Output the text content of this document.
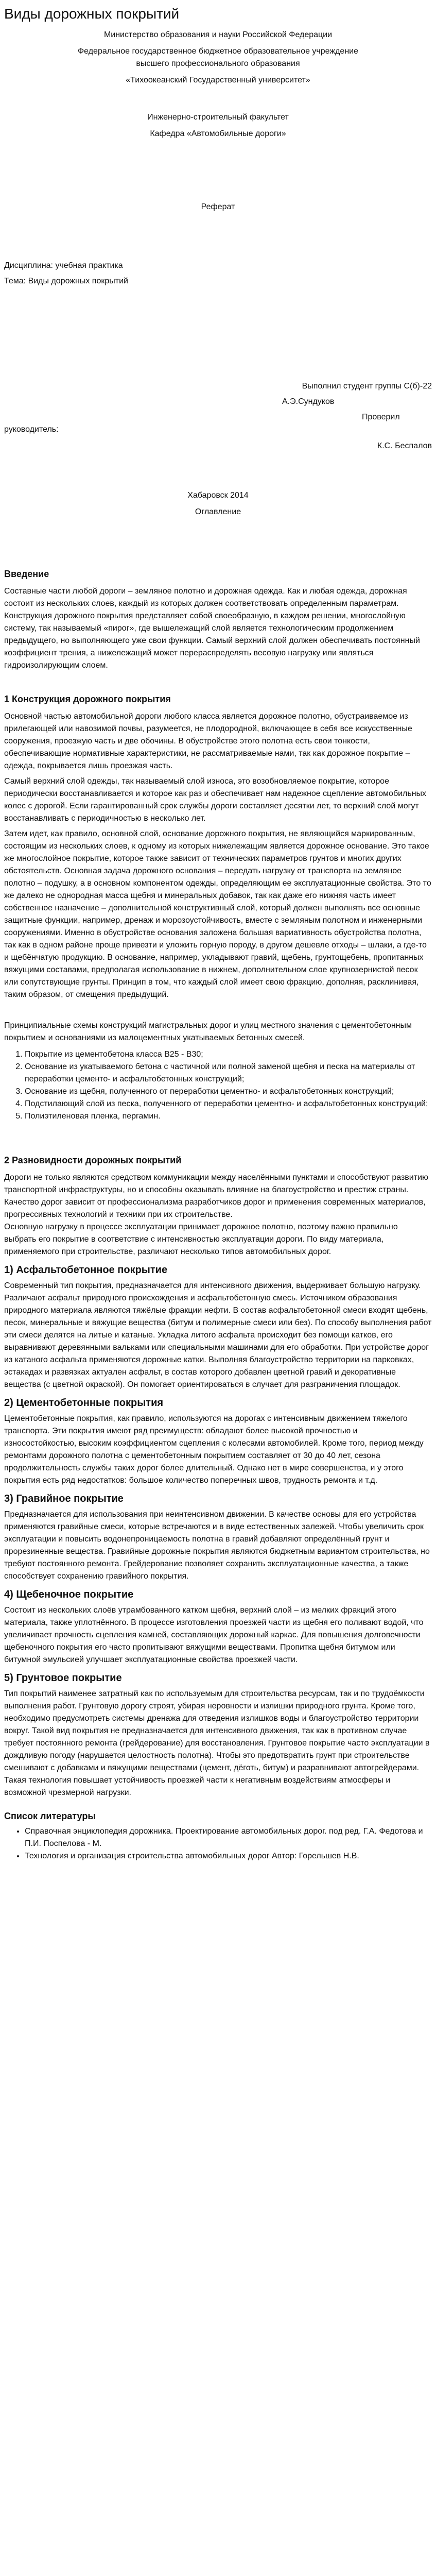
Виды дорожных покрытий

Министерство образования и науки Российской Федерации

Федеральное государственное бюджетное образовательное учреждение

высшего профессионального образования

«Тихоокеанский Государственный университет»

Инженерно-строительный факультет

Кафедра «Автомобильные дороги»

Реферат

Дисциплина: учебная практика

Тема: Виды дорожных покрытий

Выполнил студент группы С(б)-22

А.Э.Сундуков

Проверил

руководитель:

К.С. Беспалов

Хабаровск 2014

Оглавление

Введение

Составные части любой дороги – земляное полотно и дорожная одежда. Как и любая одежда, дорожная состоит из нескольких слоев, каждый из которых должен соответствовать определенным параметрам. Конструкция дорожного покрытия представляет собой своеобразную, в каждом решении, многослойную систему, так называемый «пирог», где вышележащий слой является технологическим продолжением предыдущего, но выполняющего уже свои функции. Самый верхний слой должен обеспечивать постоянный коэффициент трения, а нижележащий может перераспределять весовую нагрузку или являться гидроизолирующим слоем.

1 Конструкция дорожного покрытия

Основной частью автомобильной дороги любого класса является дорожное полотно, обустраиваемое из прилегающей или навозимой почвы, разумеется, не плодородной, включающее в себя все искусственные сооружения, проезжую часть и две обочины. В обустройстве этого полотна есть свои тонкости, обеспечивающие нормативные характеристики, не рассматриваемые нами, так как дорожное покрытие – одежда, покрывается лишь проезжая часть.

Самый верхний слой одежды, так называемый слой износа, это возобновляемое покрытие, которое периодически восстанавливается и которое как раз и обеспечивает нам надежное сцепление автомобильных колес с дорогой. Если гарантированный срок службы дороги составляет десятки лет, то верхний слой могут восстанавливать с периодичностью в несколько лет.

Затем идет, как правило, основной слой, основание дорожного покрытия, не являющийся маркированным, состоящим из нескольких слоев, к одному из которых нижележащим является дорожное основание. Это такое же многослойное покрытие, которое также зависит от технических параметров грунтов и многих других обстоятельств. Основная задача дорожного основания – передать нагрузку от транспорта на земляное полотно – подушку, а в основном компонентом одежды, определяющим ее эксплуатационные свойства. Это то же далеко не однородная масса щебня и минеральных добавок, так как даже его нижняя часть имеет собственное назначение – дополнительной конструктивный слой, который должен выполнять все основные защитные функции, например, дренаж и морозоустойчивость, вместе с земляным полотном и инженерными сооружениями. Именно в обустройстве основания заложена большая вариативность обустройства полотна, так как в одном районе проще привезти и уложить горную породу, в другом дешевле отходы – шлаки, а где-то и щебёнчатую продукцию. В основание, например, укладывают гравий, щебень, грунтощебень, пропитанных вяжущими составами, предполагая использование в нижнем, дополнительном слое крупнозернистой песок или сопутствующие грунты. Принцип в том, что каждый слой имеет свою фракцию, дополняя, расклинивая, таким образом, от смещения предыдущий.

Принципиальные схемы конструкций магистральных дорог и улиц местного значения с цементобетонным покрытием и основаниями из малоцементных укатываемых бетонных смесей.

1. Покрытие из цементобетона класса В25 - В30;
2. Основание из укатываемого бетона с частичной или полной заменой щебня и песка на материалы от переработки цементо- и асфальтобетонных конструкций;
3. Основание из щебня, полученного от переработки цементно- и асфальтобетонных конструкций;
4. Подстилающий слой из песка, полученного от переработки цементно- и асфальтобетонных конструкций;
5. Полиэтиленовая пленка, пергамин.
2 Разновидности дорожных покрытий

Дороги не только являются средством коммуникации между населёнными пунктами и способствуют развитию транспортной инфраструктуры, но и способны оказывать влияние на благоустройство и престиж страны. Качество дорог зависит от профессионализма разработчиков дорог и применения современных материалов, прогрессивных технологий и техники при их строительстве.

Основную нагрузку в процессе эксплуатации принимает дорожное полотно, поэтому важно правильно выбрать его покрытие в соответствие с интенсивностью эксплуатации дороги. По виду материала, применяемого при строительстве, различают несколько типов автомобильных дорог.

1) Асфальтобетонное покрытие

Современный тип покрытия, предназначается для интенсивного движения, выдерживает большую нагрузку. Различают асфальт природного происхождения и асфальтобетонную смесь. Источником образования природного материала являются тяжёлые фракции нефти. В состав асфальтобетонной смеси входят щебень, песок, минеральные и вяжущие вещества (битум и полимерные смеси или без). По способу выполнения работ эти смеси делятся на литые и катаные. Укладка литого асфальта происходит без помощи катков, его выравнивают деревянными вальками или специальными машинами для его обработки. При устройстве дорог из катаного асфальта применяются дорожные катки. Выполняя благоустройство территории на парковках, эстакадах и развязках актуален асфальт, в состав которого добавлен цветной гравий и декоративные вещества (с цветной окраской). Он помогает ориентироваться в случает для разграничения площадок.

2) Цементобетонные покрытия

Цементобетонные покрытия, как правило, используются на дорогах с интенсивным движением тяжелого транспорта. Эти покрытия имеют ряд преимуществ: обладают более высокой прочностью и износостойкостью, высоким коэффициентом сцепления с колесами автомобилей. Кроме того, период между ремонтами дорожного полотна с цементобетонным покрытием составляет от 30 до 40 лет, сезона продолжительность службы таких дорог более длительный. Однако нет в мире совершенства, и у этого покрытия есть ряд недостатков: большое количество поперечных швов, трудность ремонта и т.д.

3) Гравийное покрытие

Предназначается для использования при неинтенсивном движении. В качестве основы для его устройства применяются гравийные смеси, которые встречаются и в виде естественных залежей. Чтобы увеличить срок эксплуатации и повысить водонепроницаемость полотна в гравий добавляют определённый грунт и прорезиненные вещества. Гравийные дорожные покрытия являются бюджетным вариантом строительства, но требуют постоянного ремонта. Грейдерование позволяет сохранить эксплуатационные качества, а также способствует сохранению гравийного покрытия.

4) Щебеночное покрытие

Состоит из нескольких слоёв утрамбованного катком щебня, верхний слой – из мелких фракций этого материала, также уплотнённого. В процессе изготовления проезжей части из щебня его поливают водой, что увеличивает прочность сцепления камней, составляющих дорожный каркас. Для повышения долговечности щебеночного покрытия его часто пропитывают вяжущими веществами. Пропитка щебня битумом или битумной эмульсией улучшает эксплуатационные свойства проезжей части.

5) Грунтовое покрытие

Тип покрытий наименее затратный как по используемым для строительства ресурсам, так и по трудоёмкости выполнения работ. Грунтовую дорогу строят, убирая неровности и излишки природного грунта. Кроме того, необходимо предусмотреть системы дренажа для отведения излишков воды и благоустройство территории вокруг. Такой вид покрытия не предназначается для интенсивного движения, так как в противном случае требует постоянного ремонта (грейдерование) для восстановления. Грунтовое покрытие часто эксплуатации в дождливую погоду (нарушается целостность полотна). Чтобы это предотвратить грунт при строительстве смешивают с добавками и вяжущими веществами (цемент, дёготь, битум) и разравнивают автогрейдерами. Такая технология повышает устойчивость проезжей части к негативным воздействиям атмосферы и возможной чрезмерной нагрузки.

Список литературы
• Справочная энциклопедия дорожника. Проектирование автомобильных дорог. под ред. Г.А. Федотова и П.И. Поспелова - М.
• Технология и организация строительства автомобильных дорог Автор: Горельшев Н.В.
